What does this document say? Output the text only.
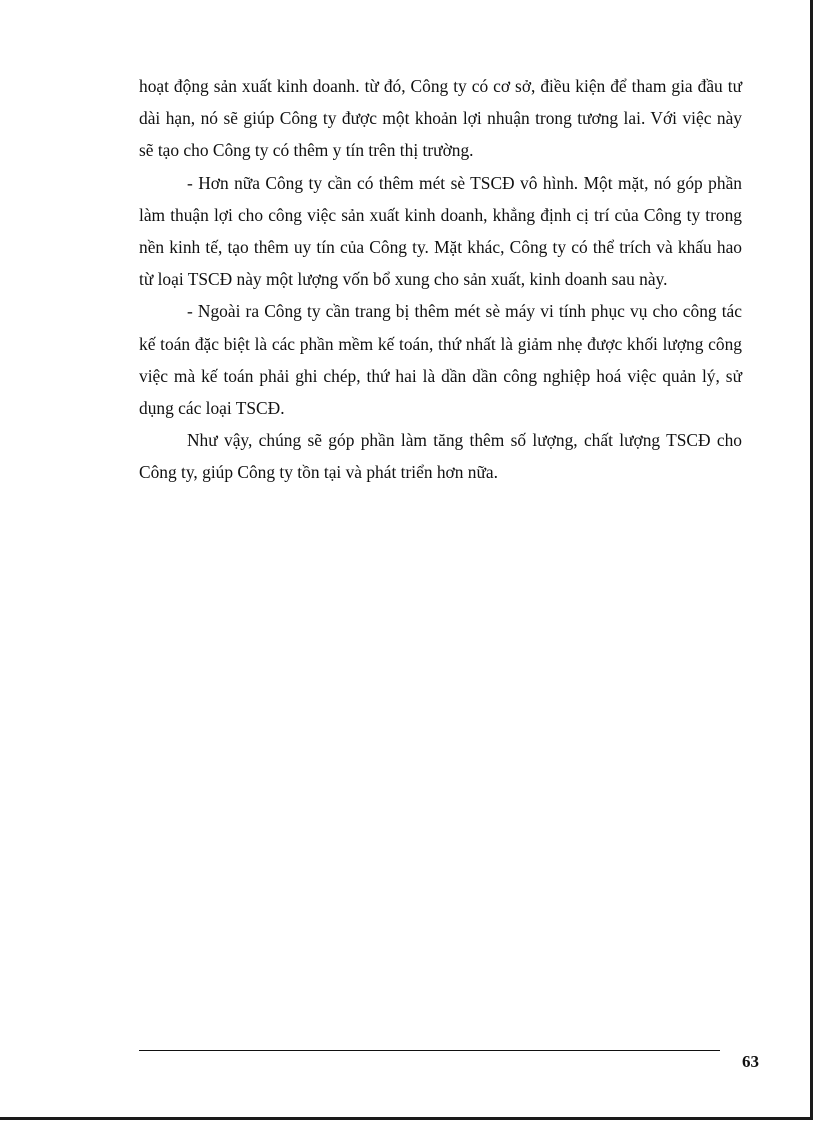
hoạt động sản xuất kinh doanh. từ đó, Công ty có cơ sở, điều kiện để tham gia đầu tư dài hạn, nó sẽ giúp Công ty được một khoản lợi nhuận trong tương lai. Với việc này sẽ tạo cho Công ty có thêm y tín trên thị trường.

- Hơn nữa Công ty cần có thêm mét sè TSCĐ vô hình. Một mặt, nó góp phần làm thuận lợi cho công việc sản xuất kinh doanh, khẳng định cị trí của Công ty trong nền kinh tế, tạo thêm uy tín của Công ty. Mặt khác, Công ty có thể trích và khấu hao từ loại TSCĐ này một lượng vốn bổ xung cho sản xuất, kinh doanh sau này.

- Ngoài ra Công ty cần trang bị thêm mét sè máy vi tính phục vụ cho công tác kế toán đặc biệt là các phần mềm kế toán, thứ nhất là giảm nhẹ được khối lượng công việc mà kế toán phải ghi chép, thứ hai là dần dần công nghiệp hoá việc quản lý, sử dụng các loại TSCĐ.

Như vậy, chúng sẽ góp phần làm tăng thêm số lượng, chất lượng TSCĐ cho Công ty, giúp Công ty tồn tại và phát triển hơn nữa.

63
